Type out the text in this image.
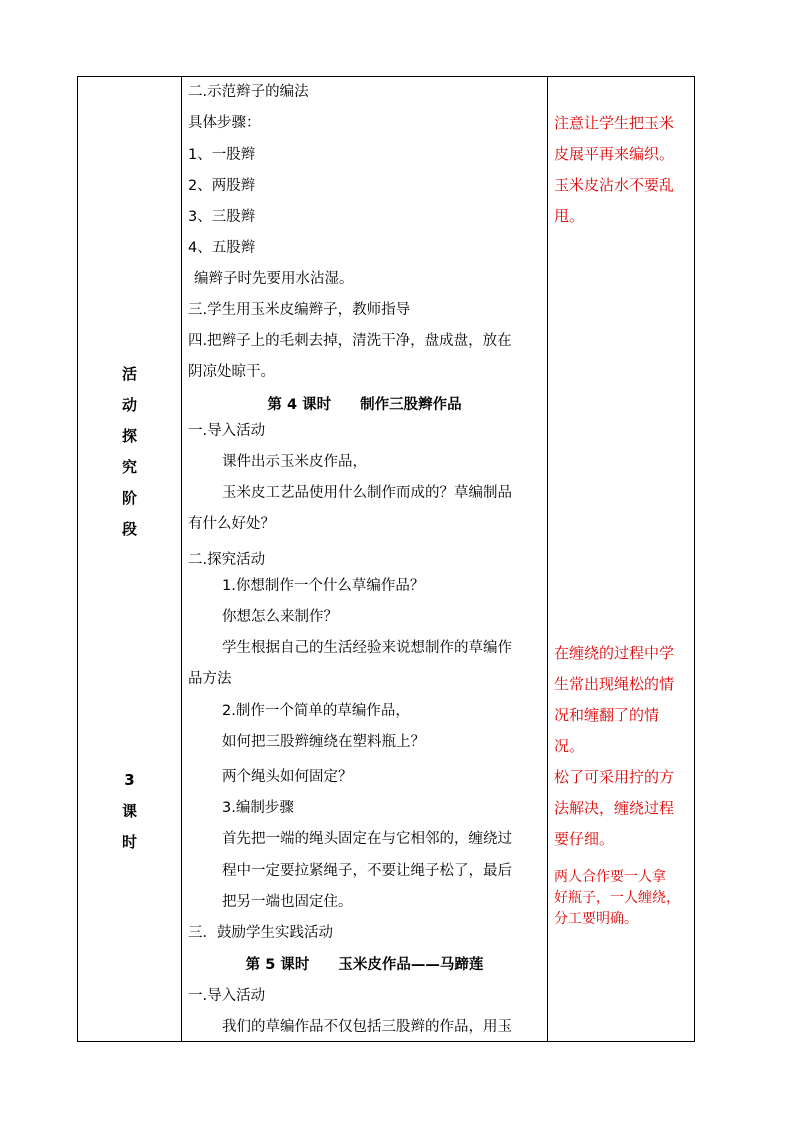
活
动
探
究
阶
段
3
课
时
二.示范辫子的编法
具体步骤：
1、一股辫
2、两股辫
3、三股辫
4、五股辫
编辫子时先要用水沾湿。
三.学生用玉米皮编辫子，教师指导
四.把辫子上的毛刺去掉，清洗干净，盘成盘，放在
阴凉处晾干。
第 4 课时　　制作三股辫作品
一.导入活动
课件出示玉米皮作品，
玉米皮工艺品使用什么制作而成的？草编制品
有什么好处？
二.探究活动
1.你想制作一个什么草编作品？
你想怎么来制作？
学生根据自己的生活经验来说想制作的草编作
品方法
2.制作一个简单的草编作品，
如何把三股辫缠绕在塑料瓶上？
两个绳头如何固定？
3.编制步骤
首先把一端的绳头固定在与它相邻的，缠绕过
程中一定要拉紧绳子，不要让绳子松了，最后
把另一端也固定住。
三．鼓励学生实践活动
第 5 课时　　玉米皮作品——马蹄莲
一.导入活动
我们的草编作品不仅包括三股辫的作品，用玉
注意让学生把玉米
皮展平再来编织。
玉米皮沾水不要乱
甩。
在缠绕的过程中学
生常出现绳松的情
况和缠翻了的情况。
松了可采用拧的方
法解决，缠绕过程
要仔细。
两人合作要一人拿
好瓶子，一人缠绕，
分工要明确。
